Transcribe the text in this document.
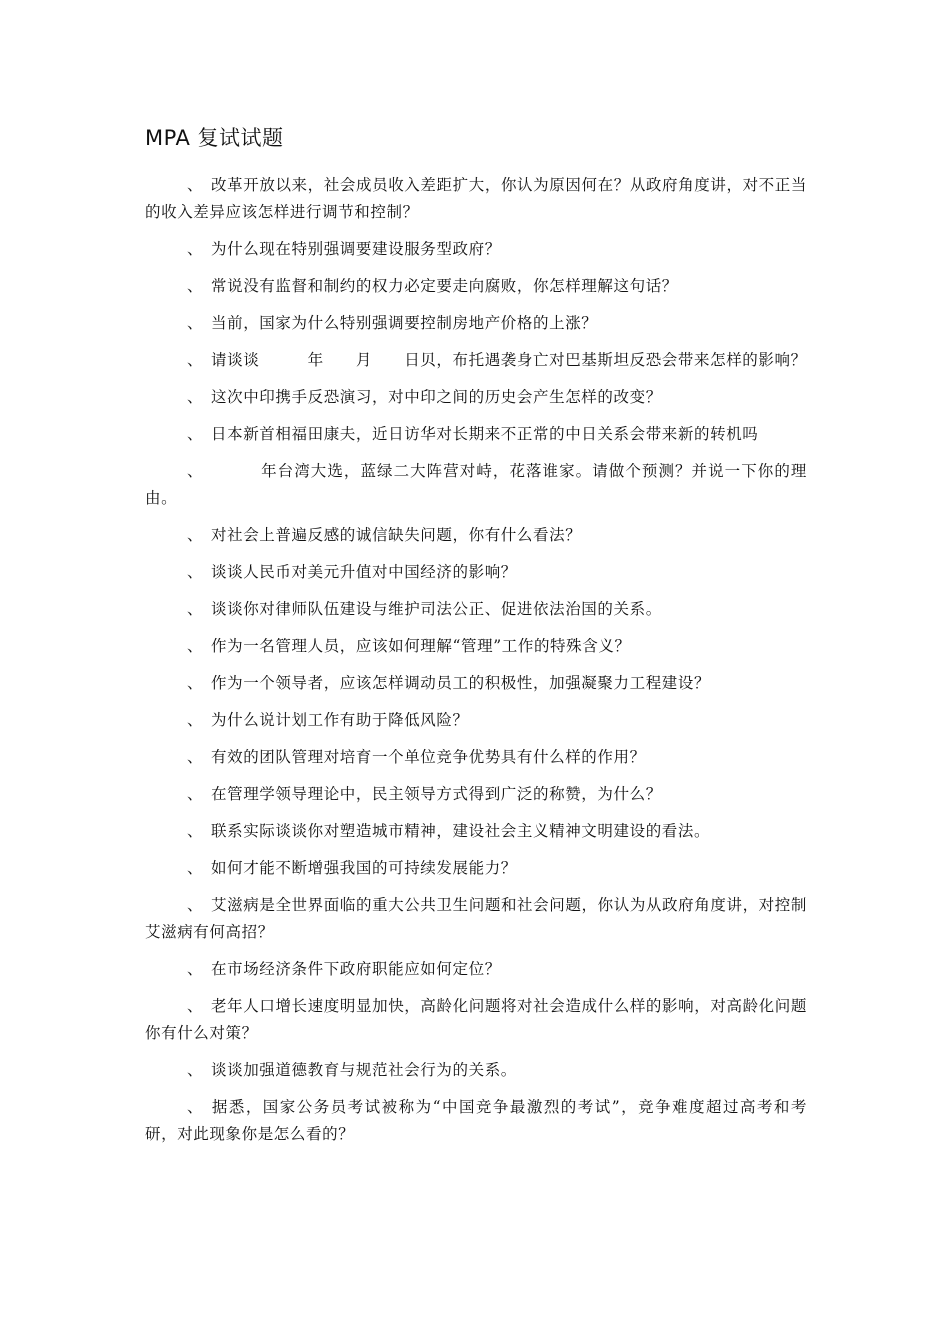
MPA 复试试题

、 改革开放以来，社会成员收入差距扩大，你认为原因何在？从政府角度讲，对不正当的收入差异应该怎样进行调节和控制？

、 为什么现在特别强调要建设服务型政府？

、 常说没有监督和制约的权力必定要走向腐败，你怎样理解这句话？

、 当前，国家为什么特别强调要控制房地产价格的上涨？

、 请谈谈　　　年　　月　　日贝，布托遇袭身亡对巴基斯坦反恐会带来怎样的影响？

、 这次中印携手反恐演习，对中印之间的历史会产生怎样的改变？

、 日本新首相福田康夫，近日访华对长期来不正常的中日关系会带来新的转机吗

、　　　年台湾大选，蓝绿二大阵营对峙，花落谁家。请做个预测？并说一下你的理由。

、 对社会上普遍反感的诚信缺失问题，你有什么看法？

、 谈谈人民币对美元升值对中国经济的影响？

、 谈谈你对律师队伍建设与维护司法公正、促进依法治国的关系。

、 作为一名管理人员，应该如何理解“管理”工作的特殊含义？

、 作为一个领导者，应该怎样调动员工的积极性，加强凝聚力工程建设？

、 为什么说计划工作有助于降低风险？

、 有效的团队管理对培育一个单位竞争优势具有什么样的作用？

、 在管理学领导理论中，民主领导方式得到广泛的称赞，为什么？

、 联系实际谈谈你对塑造城市精神，建设社会主义精神文明建设的看法。

、 如何才能不断增强我国的可持续发展能力？

、 艾滋病是全世界面临的重大公共卫生问题和社会问题，你认为从政府角度讲，对控制艾滋病有何高招？

、 在市场经济条件下政府职能应如何定位？

、 老年人口增长速度明显加快，高龄化问题将对社会造成什么样的影响，对高龄化问题你有什么对策？

、 谈谈加强道德教育与规范社会行为的关系。

、 据悉，国家公务员考试被称为“中国竞争最激烈的考试”，竞争难度超过高考和考研，对此现象你是怎么看的？
